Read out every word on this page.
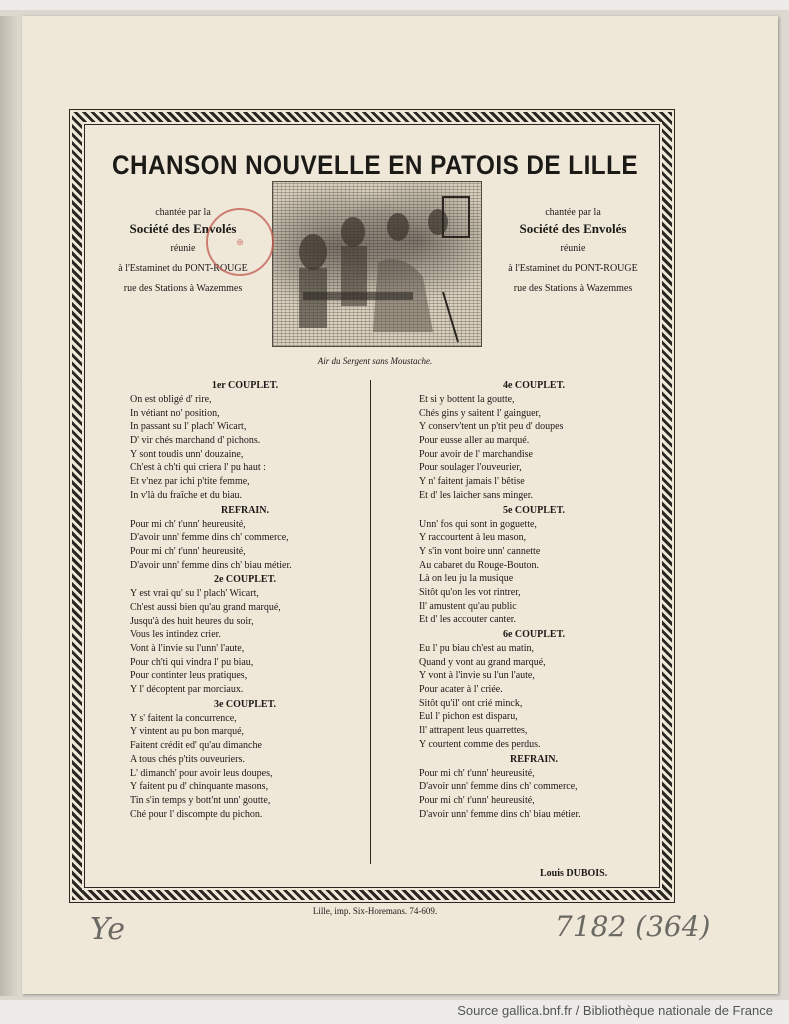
CHANSON NOUVELLE EN PATOIS DE LILLE
chantée par la
Société des Envolés
réunie
à l'Estaminet du PONT-ROUGE
rue des Stations à Wazemmes
⊕
chantée par la
Société des Envolés
réunie
à l'Estaminet du PONT-ROUGE
rue des Stations à Wazemmes
Air du Sergent sans Moustache.
1er COUPLET.
On est obligé d' rire,
In vétiant no' position,
In passant su l' plach' Wicart,
D' vir chés marchand d' pichons.
Y sont toudis unn' douzaine,
Ch'est à ch'ti qui criera l' pu haut :
Et v'nez par ichi p'tite femme,
In v'là du fraîche et du biau.
REFRAIN.
Pour mi ch' t'unn' heureusité,
D'avoir unn' femme dins ch' commerce,
Pour mi ch' t'unn' heureusité,
D'avoir unn' femme dins ch' biau métier.
2e COUPLET.
Y est vrai qu' su l' plach' Wicart,
Ch'est aussi bien qu'au grand marqué,
Jusqu'à des huit heures du soir,
Vous les intindez crier.
Vont à l'invie su l'unn' l'aute,
Pour ch'ti qui vindra l' pu biau,
Pour continter leus pratiques,
Y l' décoptent par morciaux.
3e COUPLET.
Y s' faitent la concurrence,
Y vintent au pu bon marqué,
Faitent crédit ed' qu'au dimanche
A tous chés p'tits ouveuriers.
L' dimanch' pour avoir leus doupes,
Y faitent pu d' chinquante masons,
Tin s'in temps y bott'nt unn' goutte,
Ché pour l' discompte du pichon.
4e COUPLET.
Et si y bottent la goutte,
Chés gins y saitent l' gainguer,
Y conserv'tent un p'tit peu d' doupes
Pour eusse aller au marqué.
Pour avoir de l' marchandise
Pour soulager l'ouveurier,
Y n' faitent jamais l' bêtise
Et d' les laicher sans minger.
5e COUPLET.
Unn' fos qui sont in goguette,
Y raccourtent à leu mason,
Y s'in vont boire unn' cannette
Au cabaret du Rouge-Bouton.
Là on leu ju la musique
Sitôt qu'on les vot rintrer,
Il' amustent qu'au public
Et d' les accouter canter.
6e COUPLET.
Eu l' pu biau ch'est au matin,
Quand y vont au grand marqué,
Y vont à l'invie su l'un l'aute,
Pour acater à l' criée.
Sitôt qu'il' ont crié minck,
Eul l' pichon est disparu,
Il' attrapent leus quarrettes,
Y courtent comme des perdus.
REFRAIN.
Pour mi ch' t'unn' heureusité,
D'avoir unn' femme dins ch' commerce,
Pour mi ch' t'unn' heureusité,
D'avoir unn' femme dins ch' biau métier.
Louis DUBOIS.
Lille, imp. Six-Horemans. 74-609.
Ye	7182 (364)
Source gallica.bnf.fr / Bibliothèque nationale de France
